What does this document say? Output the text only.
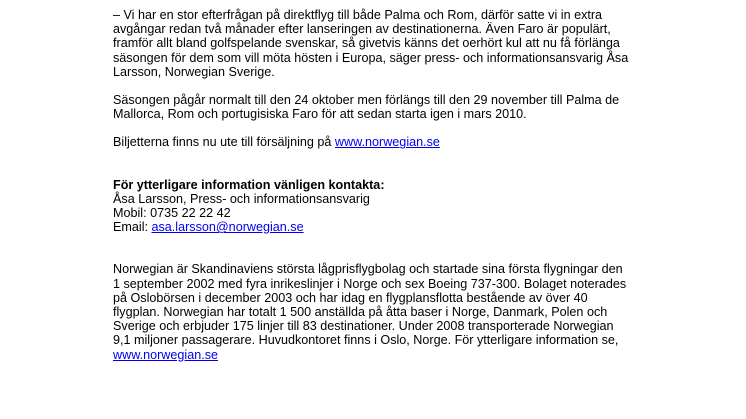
– Vi har en stor efterfrågan på direktflyg till både Palma och Rom, därför satte vi in extra

avgångar redan två månader efter lanseringen av destinationerna. Även Faro är populärt,

framför allt bland golfspelande svenskar, så givetvis känns det oerhört kul att nu få förlänga

säsongen för dem som vill möta hösten i Europa, säger press- och informationsansvarig Åsa

Larsson, Norwegian Sverige.

Säsongen pågår normalt till den 24 oktober men förlängs till den 29 november till Palma de

Mallorca, Rom och portugisiska Faro för att sedan starta igen i mars 2010.

Biljetterna finns nu ute till försäljning på www.norwegian.se

För ytterligare information vänligen kontakta:

Åsa Larsson, Press- och informationsansvarig

Mobil: 0735 22 22 42

Email: asa.larsson@norwegian.se

Norwegian är Skandinaviens största lågprisflygbolag och startade sina första flygningar den

1 september 2002 med fyra inrikeslinjer i Norge och sex Boeing 737-300. Bolaget noterades

på Oslobörsen i december 2003 och har idag en flygplansflotta bestående av över 40

flygplan. Norwegian har totalt 1 500 anställda på åtta baser i Norge, Danmark, Polen och

Sverige och erbjuder 175 linjer till 83 destinationer. Under 2008 transporterade Norwegian

9,1 miljoner passagerare. Huvudkontoret finns i Oslo, Norge. För ytterligare information se,

www.norwegian.se
